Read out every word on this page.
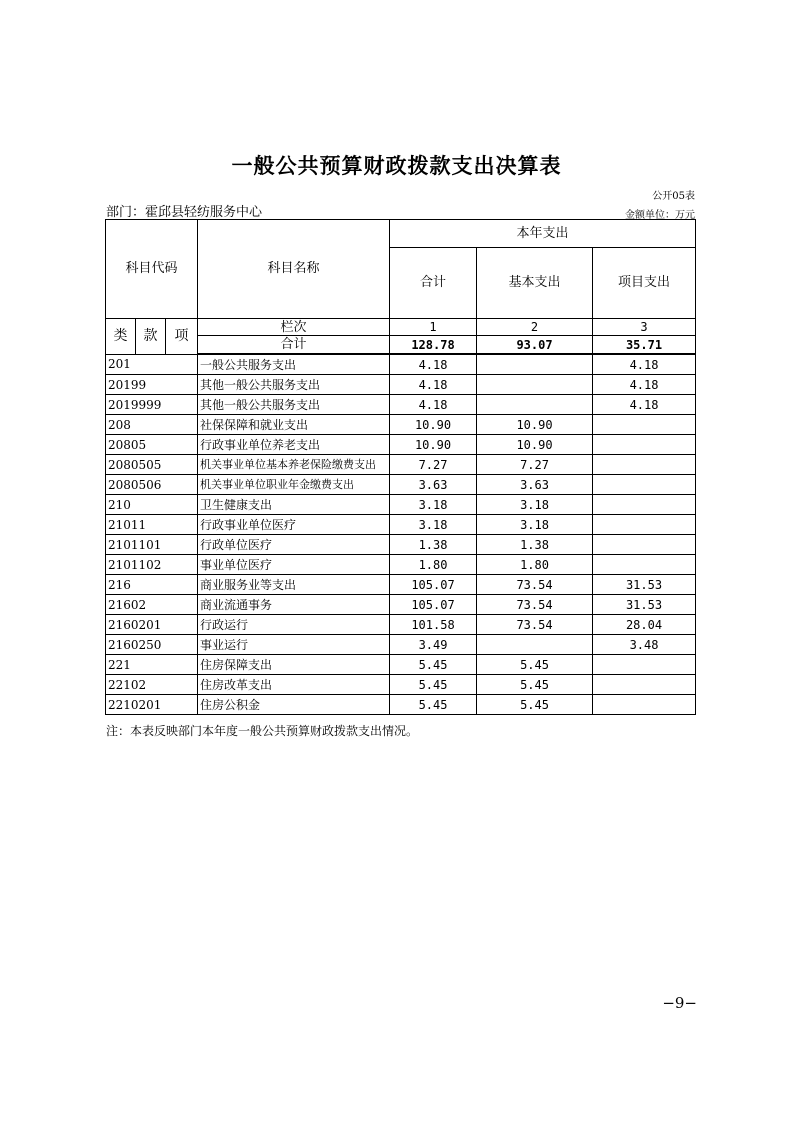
一般公共预算财政拨款支出决算表
公开05表
部门：霍邱县轻纺服务中心	金额单位：万元
科目代码			科目名称	本年支出		
				合计	基本支出	项目支出
类	款	项	栏次	1	2	3
			合计	128.78	93.07	35.71
201			一般公共服务支出	4.18		4.18
20199			其他一般公共服务支出	4.18		4.18
2019999			其他一般公共服务支出	4.18		4.18
208			社保保障和就业支出	10.90	10.90	
20805			行政事业单位养老支出	10.90	10.90	
2080505			机关事业单位基本养老保险缴费支出	7.27	7.27	
2080506			机关事业单位职业年金缴费支出	3.63	3.63	
210			卫生健康支出	3.18	3.18	
21011			行政事业单位医疗	3.18	3.18	
2101101			行政单位医疗	1.38	1.38	
2101102			事业单位医疗	1.80	1.80	
216			商业服务业等支出	105.07	73.54	31.53
21602			商业流通事务	105.07	73.54	31.53
2160201			行政运行	101.58	73.54	28.04
2160250			事业运行	3.49		3.48
221			住房保障支出	5.45	5.45	
22102			住房改革支出	5.45	5.45	
2210201			住房公积金	5.45	5.45	
注：本表反映部门本年度一般公共预算财政拨款支出情况。
−9−
